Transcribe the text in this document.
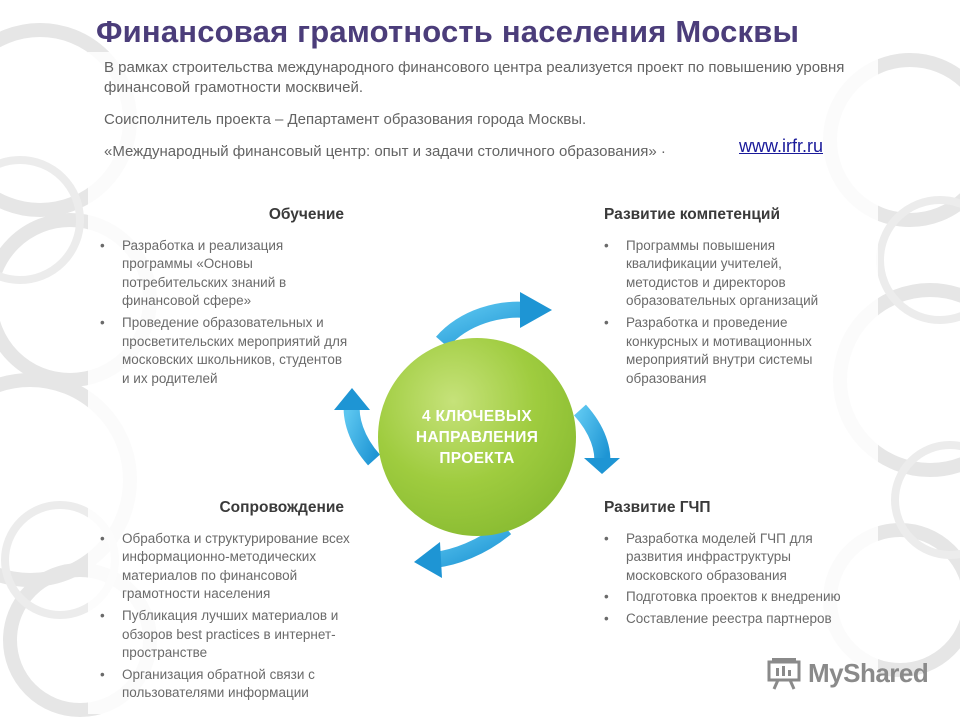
Финансовая грамотность населения Москвы

В рамках строительства международного финансового центра реализуется проект по повышению уровня финансовой грамотности москвичей.

Соисполнитель проекта – Департамент образования города Москвы.

«Международный финансовый центр: опыт и задачи столичного образования» ·	www.irfr.ru
Обучение
• Разработка и реализация программы «Основы потребительских знаний в финансовой сфере»
• Проведение образовательных и просветительских мероприятий для московских школьников, студентов и их родителей
Развитие компетенций
• Программы повышения квалификации учителей, методистов и директоров образовательных организаций
• Разработка и проведение конкурсных и мотивационных мероприятий внутри системы образования
Сопровождение
• Обработка и структурирование всех информационно-методических материалов по финансовой грамотности населения
• Публикация лучших материалов и обзоров best practices в интернет-пространстве
• Организация обратной связи с пользователями информации
Развитие ГЧП
• Разработка моделей ГЧП для развития инфраструктуры московского образования
• Подготовка проектов к внедрению
• Составление реестра партнеров
4 КЛЮЧЕВЫХ
НАПРАВЛЕНИЯ
ПРОЕКТА
MyShared
